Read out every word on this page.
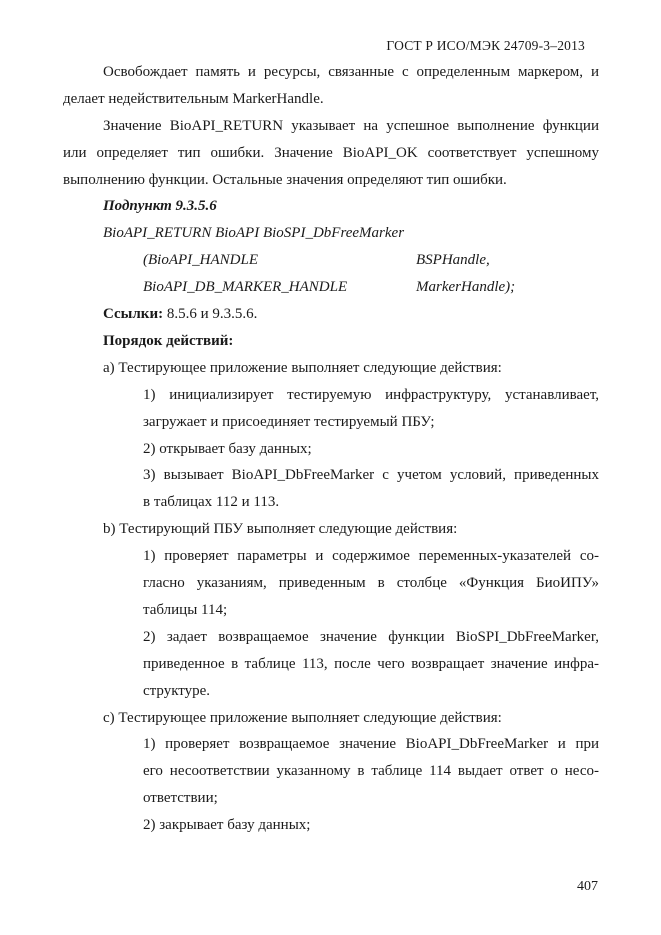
ГОСТ Р ИСО/МЭК 24709-3–2013
Освобождает память и ресурсы, связанные с определенным маркером, и
делает недействительным MarkerHandle.
Значение BioAPI_RETURN указывает на успешное выполнение функции
или определяет тип ошибки. Значение BioAPI_OK соответствует успешному
выполнению функции. Остальные значения определяют тип ошибки.
Подпункт 9.3.5.6
BioAPI_RETURN BioAPI BioSPI_DbFreeMarker
(BioAPI_HANDLE	BSPHandle,
BioAPI_DB_MARKER_HANDLE	MarkerHandle);
Ссылки: 8.5.6 и 9.3.5.6.
Порядок действий:
a) Тестирующее приложение выполняет следующие действия:
1) инициализирует тестируемую инфраструктуру, устанавливает,
загружает и присоединяет тестируемый ПБУ;
2) открывает базу данных;
3) вызывает BioAPI_DbFreeMarker с учетом условий, приведенных
в таблицах 112 и 113.
b) Тестирующий ПБУ выполняет следующие действия:
1) проверяет параметры и содержимое переменных-указателей со-
гласно указаниям, приведенным в столбце «Функция БиоИПУ»
таблицы 114;
2) задает возвращаемое значение функции BioSPI_DbFreeMarker,
приведенное в таблице 113, после чего возвращает значение инфра-
структуре.
c) Тестирующее приложение выполняет следующие действия:
1) проверяет возвращаемое значение BioAPI_DbFreeMarker и при
его несоответствии указанному в таблице 114 выдает ответ о несо-
ответствии;
2) закрывает базу данных;
407
